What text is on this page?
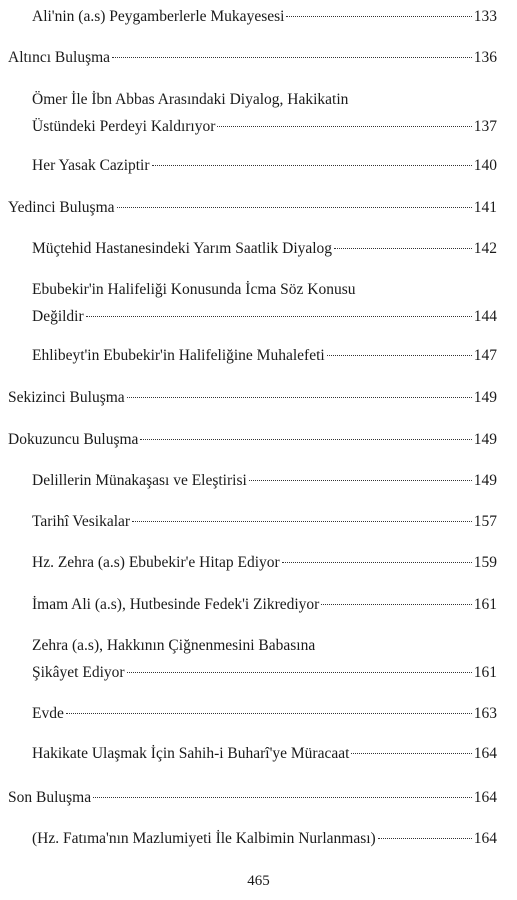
Ali'nin (a.s) Peygamberlerle Mukayesesi	133
Altıncı Buluşma	136
Ömer İle İbn Abbas Arasındaki Diyalog, Hakikatin
Üstündeki Perdeyi Kaldırıyor	137
Her Yasak Caziptir	140
Yedinci Buluşma	141
Müçtehid Hastanesindeki Yarım Saatlik Diyalog	142
Ebubekir'in Halifeliği Konusunda İcma Söz Konusu
Değildir	144
Ehlibeyt'in Ebubekir'in Halifeliğine Muhalefeti	147
Sekizinci Buluşma	149
Dokuzuncu Buluşma	149
Delillerin Münakaşası ve Eleştirisi	149
Tarihî Vesikalar	157
Hz. Zehra (a.s) Ebubekir'e Hitap Ediyor	159
İmam Ali (a.s), Hutbesinde Fedek'i Zikrediyor	161
Zehra (a.s), Hakkının Çiğnenmesini Babasına
Şikâyet Ediyor	161
Evde	163
Hakikate Ulaşmak İçin Sahih-i Buharî'ye Müracaat	164
Son Buluşma	164
(Hz. Fatıma'nın Mazlumiyeti İle Kalbimin Nurlanması)	164
465
